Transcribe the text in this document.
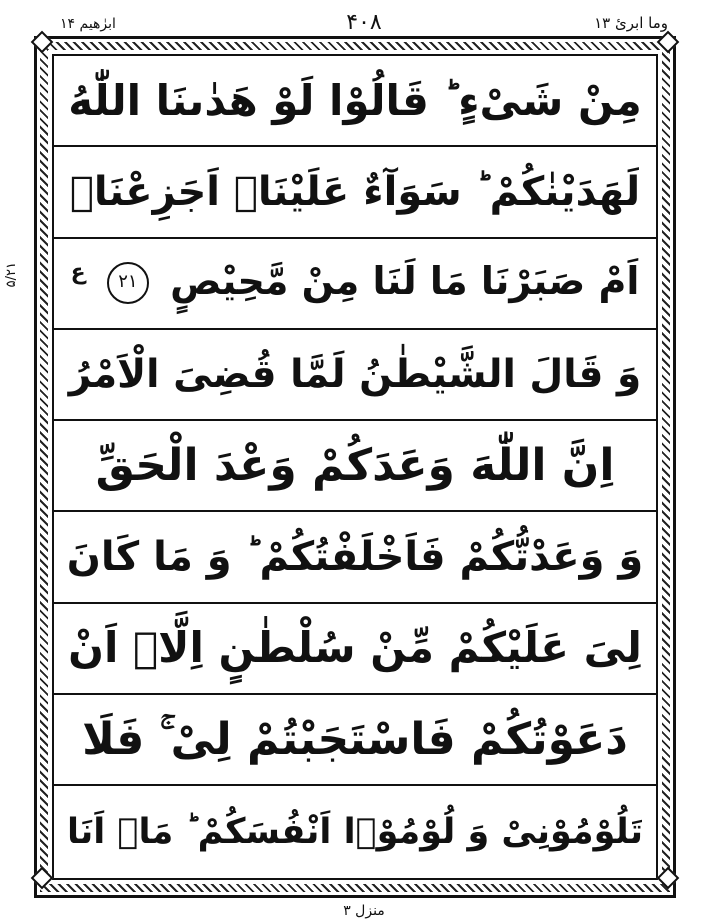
ابرٰھیم ۱۴	۴۰۸	وما ابرئ ۱۳
۵/۲۱
مِنْ شَیْءٍ ؕ قَالُوْا لَوْ هَدٰىنَا اللّٰهُ
لَهَدَیْنٰكُمْ ؕ سَوَآءٌ عَلَیْنَاۤ اَجَزِعْنَاۤ
اَمْ صَبَرْنَا مَا لَنَا مِنْ مَّحِیْصٍ ۲۱ $^ع$
وَ قَالَ الشَّیْطٰنُ لَمَّا قُضِیَ الْاَمْرُ
اِنَّ اللّٰهَ وَعَدَكُمْ وَعْدَ الْحَقِّ
وَ وَعَدْتُّكُمْ فَاَخْلَفْتُكُمْ ؕ وَ مَا كَانَ
لِیَ عَلَیْكُمْ مِّنْ سُلْطٰنٍ اِلَّاۤ اَنْ
دَعَوْتُكُمْ فَاسْتَجَبْتُمْ لِیْ ۚ فَلَا
تَلُوْمُوْنِیْ وَ لُوْمُوْۤا اَنْفُسَكُمْ ؕ مَاۤ اَنَا
منزل ۳
